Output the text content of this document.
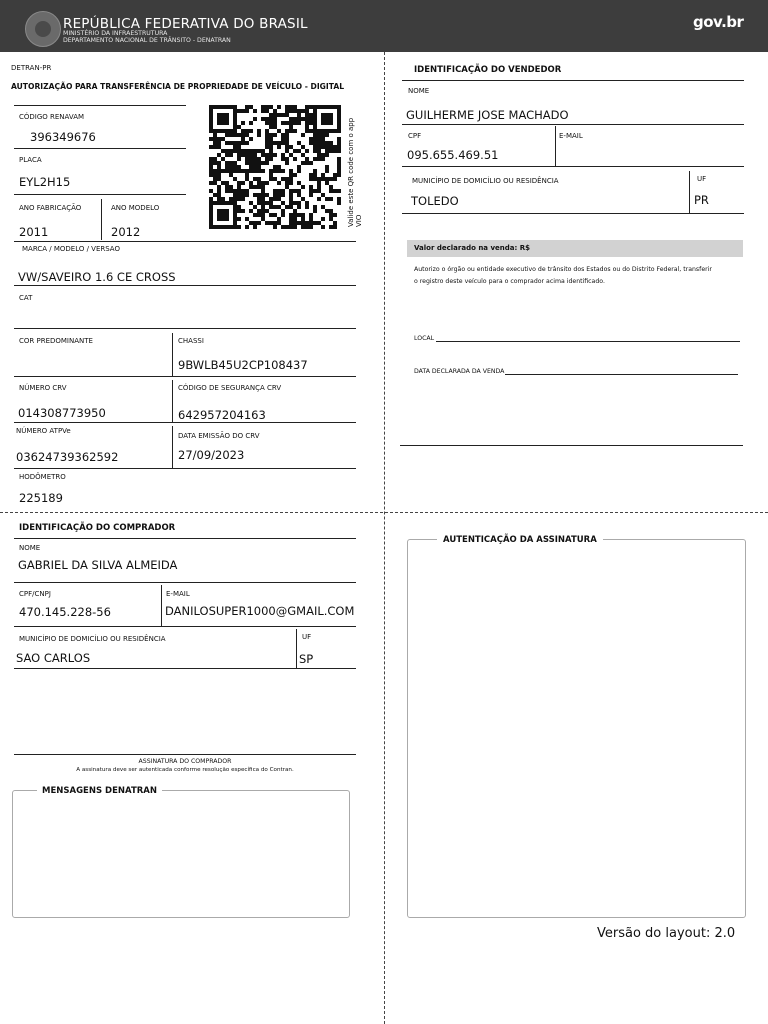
REPÚBLICA FEDERATIVA DO BRASIL
MINISTÉRIO DA INFRAESTRUTURA
DEPARTAMENTO NACIONAL DE TRÂNSITO - DENATRAN
gov.br
DETRAN-PR
AUTORIZAÇÃO PARA TRANSFERÊNCIA DE PROPRIEDADE DE VEÍCULO - DIGITAL
CÓDIGO RENAVAM
396349676
PLACA
EYL2H15
ANO FABRICAÇÃO
2011
ANO MODELO
2012
Valide este QR code com o app VIO
MARCA / MODELO / VERSAO
VW/SAVEIRO 1.6 CE CROSS
CAT
COR PREDOMINANTE	CHASSI
9BWLB45U2CP108437
NÚMERO CRV
014308773950
CÓDIGO DE SEGURANÇA CRV
642957204163
NÚMERO ATPVe
03624739362592
DATA EMISSÃO DO CRV
27/09/2023
HODÔMETRO
225189
IDENTIFICAÇÃO DO VENDEDOR
NOME
GUILHERME JOSE MACHADO
CPF
095.655.469.51
E-MAIL
MUNICÍPIO DE DOMICÍLIO OU RESIDÊNCIA
TOLEDO
UF
PR
Valor declarado na venda: R$
Autorizo o órgão ou entidade executivo de trânsito dos Estados ou do Distrito Federal, transferir
o registro deste veículo para o comprador acima identificado.
LOCAL
DATA DECLARADA DA VENDA
IDENTIFICAÇÃO DO COMPRADOR
NOME
GABRIEL DA SILVA ALMEIDA
CPF/CNPJ
470.145.228-56
E-MAIL
DANILOSUPER1000@GMAIL.COM
MUNICÍPIO DE DOMICÍLIO OU RESIDÊNCIA
SAO CARLOS
UF
SP
ASSINATURA DO COMPRADOR
A assinatura deve ser autenticada conforme resolução específica do Contran.
MENSAGENS DENATRAN
AUTENTICAÇÃO DA ASSINATURA
Versão do layout: 2.0
